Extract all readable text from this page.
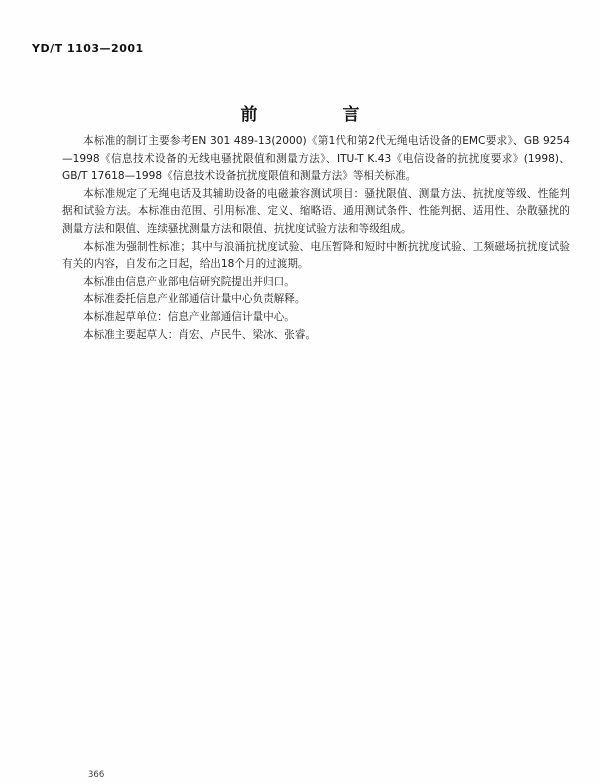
YD/T 1103—2001
前　言

本标准的制订主要参考EN 301 489-13(2000)《第1代和第2代无绳电话设备的EMC要求》、GB 9254—1998《信息技术设备的无线电骚扰限值和测量方法》、ITU-T K.43《电信设备的抗扰度要求》(1998)、GB/T 17618—1998《信息技术设备抗扰度限值和测量方法》等相关标准。

本标准规定了无绳电话及其辅助设备的电磁兼容测试项目：骚扰限值、测量方法、抗扰度等级、性能判据和试验方法。本标准由范围、引用标准、定义、缩略语、通用测试条件、性能判据、适用性、杂散骚扰的测量方法和限值、连续骚扰测量方法和限值、抗扰度试验方法和等级组成。

本标准为强制性标准；其中与浪涌抗扰度试验、电压暂降和短时中断抗扰度试验、工频磁场抗扰度试验有关的内容，自发布之日起，给出18个月的过渡期。

本标准由信息产业部电信研究院提出并归口。

本标准委托信息产业部通信计量中心负责解释。

本标准起草单位：信息产业部通信计量中心。

本标准主要起草人：肖宏、卢民牛、梁冰、张睿。

366
